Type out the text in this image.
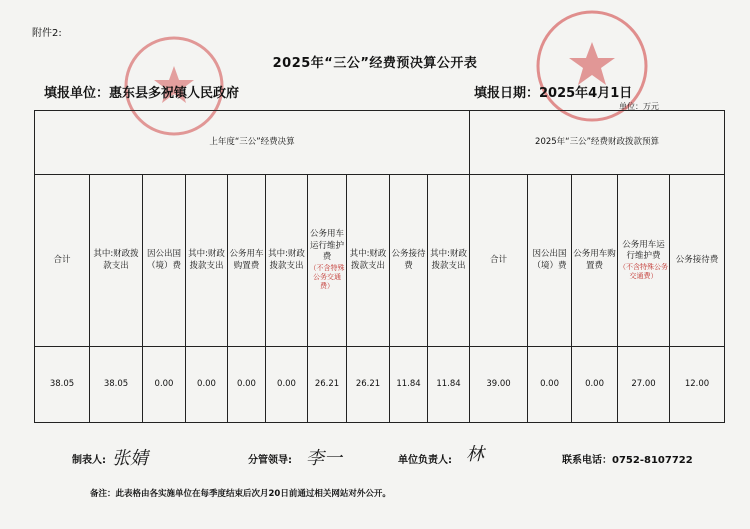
附件2:
2025年“三公”经费预决算公开表
填报单位：惠东县多祝镇人民政府	填报日期：2025年4月1日
单位：万元
上年度“三公”经费决算										2025年“三公”经费财政拨款预算				
合计	其中:财政拨款支出	因公出国（境）费	其中:财政拨款支出	公务用车购置费	其中:财政拨款支出	公务用车运行维护费
（不含特殊公务交通费）	其中:财政拨款支出	公务接待费	其中:财政拨款支出	合计	因公出国（境）费	公务用车购置费	公务用车运行维护费
（不含特殊公务交通费）	公务接待费
38.05	38.05	0.00	0.00	0.00	0.00	26.21	26.21	11.84	11.84	39.00	0.00	0.00	27.00	12.00
制表人: 张婧	分管领导: 李一	单位负责人: 林	联系电话：0752-8107722
备注：此表格由各实施单位在每季度结束后次月20日前通过相关网站对外公开。
